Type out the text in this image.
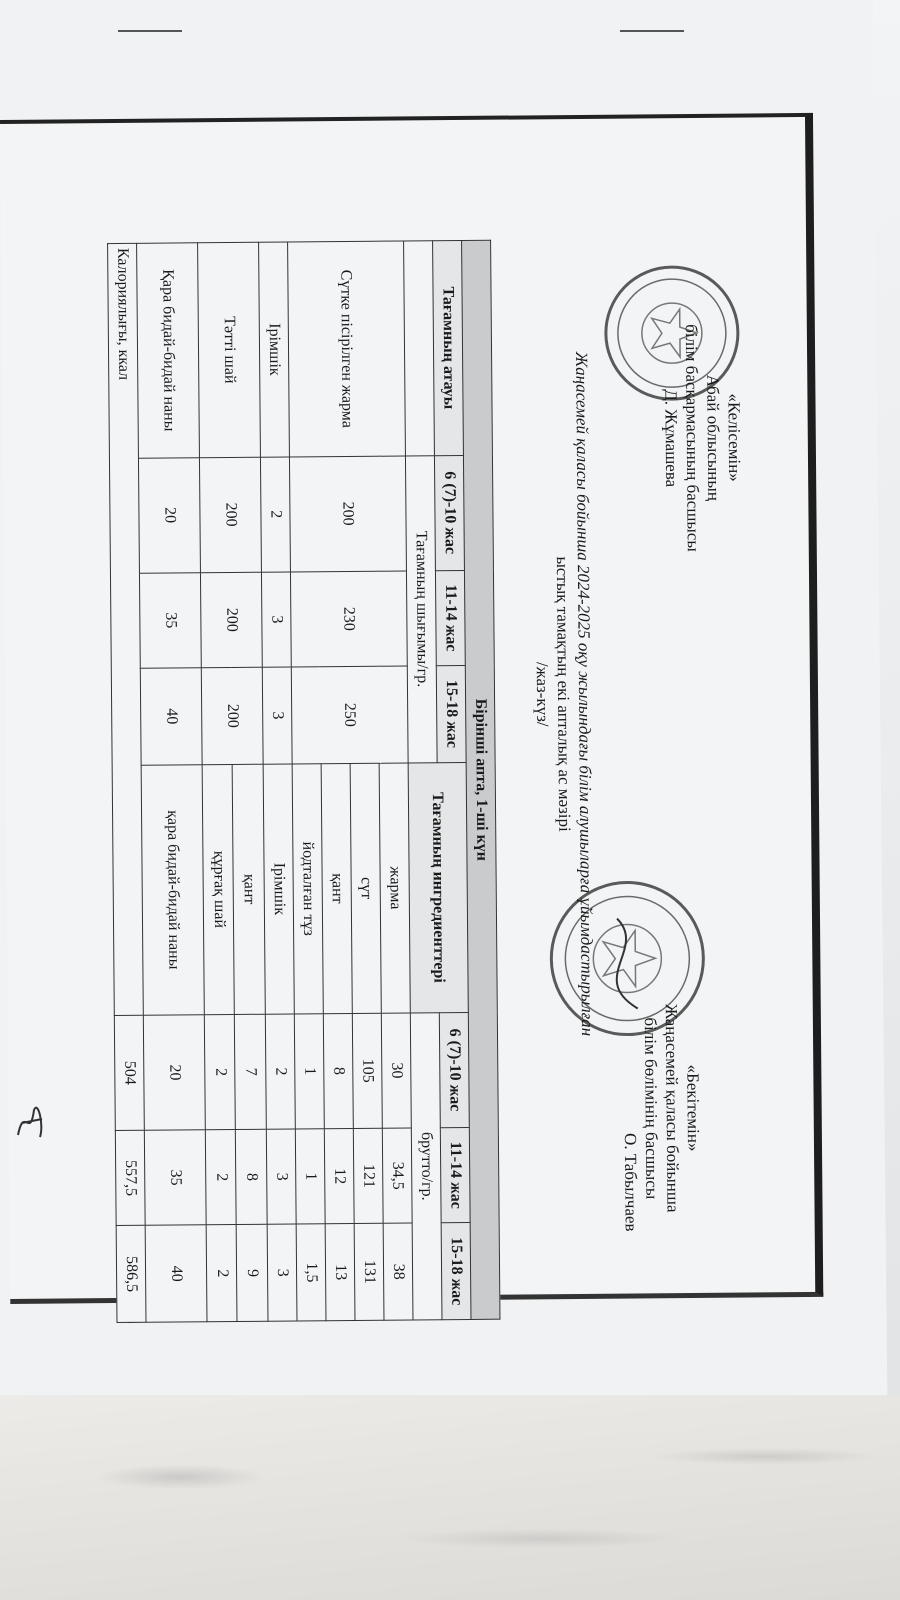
«Келісемін»
Абай облысының
білім басқармасының басшысы
Д. Жұмашева
«Бекітемін»
Жаңасемей қаласы бойынша
білім бөлімінің басшысы
О. Табылчаев
Жаңасемей қаласы бойынша 2024-2025 оқу жылындағы білім алушыларға ұйымдастырылған
ыстық тамақтың екі апталық ас мәзірі
/жаз-күз/
Бірінші апта, 1-ші күн							
Тағамның атауы	6 (7)-10 жас	11-14 жас	15-18 жас	Тағамның ингредиенттері	6 (7)-10 жас	11-14 жас	15-18 жас
	Тағамның шығымы/гр.				брутто/гр.		
Сүтке пісірілген жарма	200	230	250	жарма	30	34,5	38
				сүт	105	121	131
				қант	8	12	13
				йодталған тұз	1	1	1,5
Ірімшік	2	3	3	Ірімшік	2	3	3
Тәтті шай	200	200	200	қант	7	8	9
				құрғақ шай	2	2	2
Қара бидай-бидай наны	20	35	40	қара бидай-бидай наны	20	35	40
Калориялығы, ккал					504	557,5	586,5
